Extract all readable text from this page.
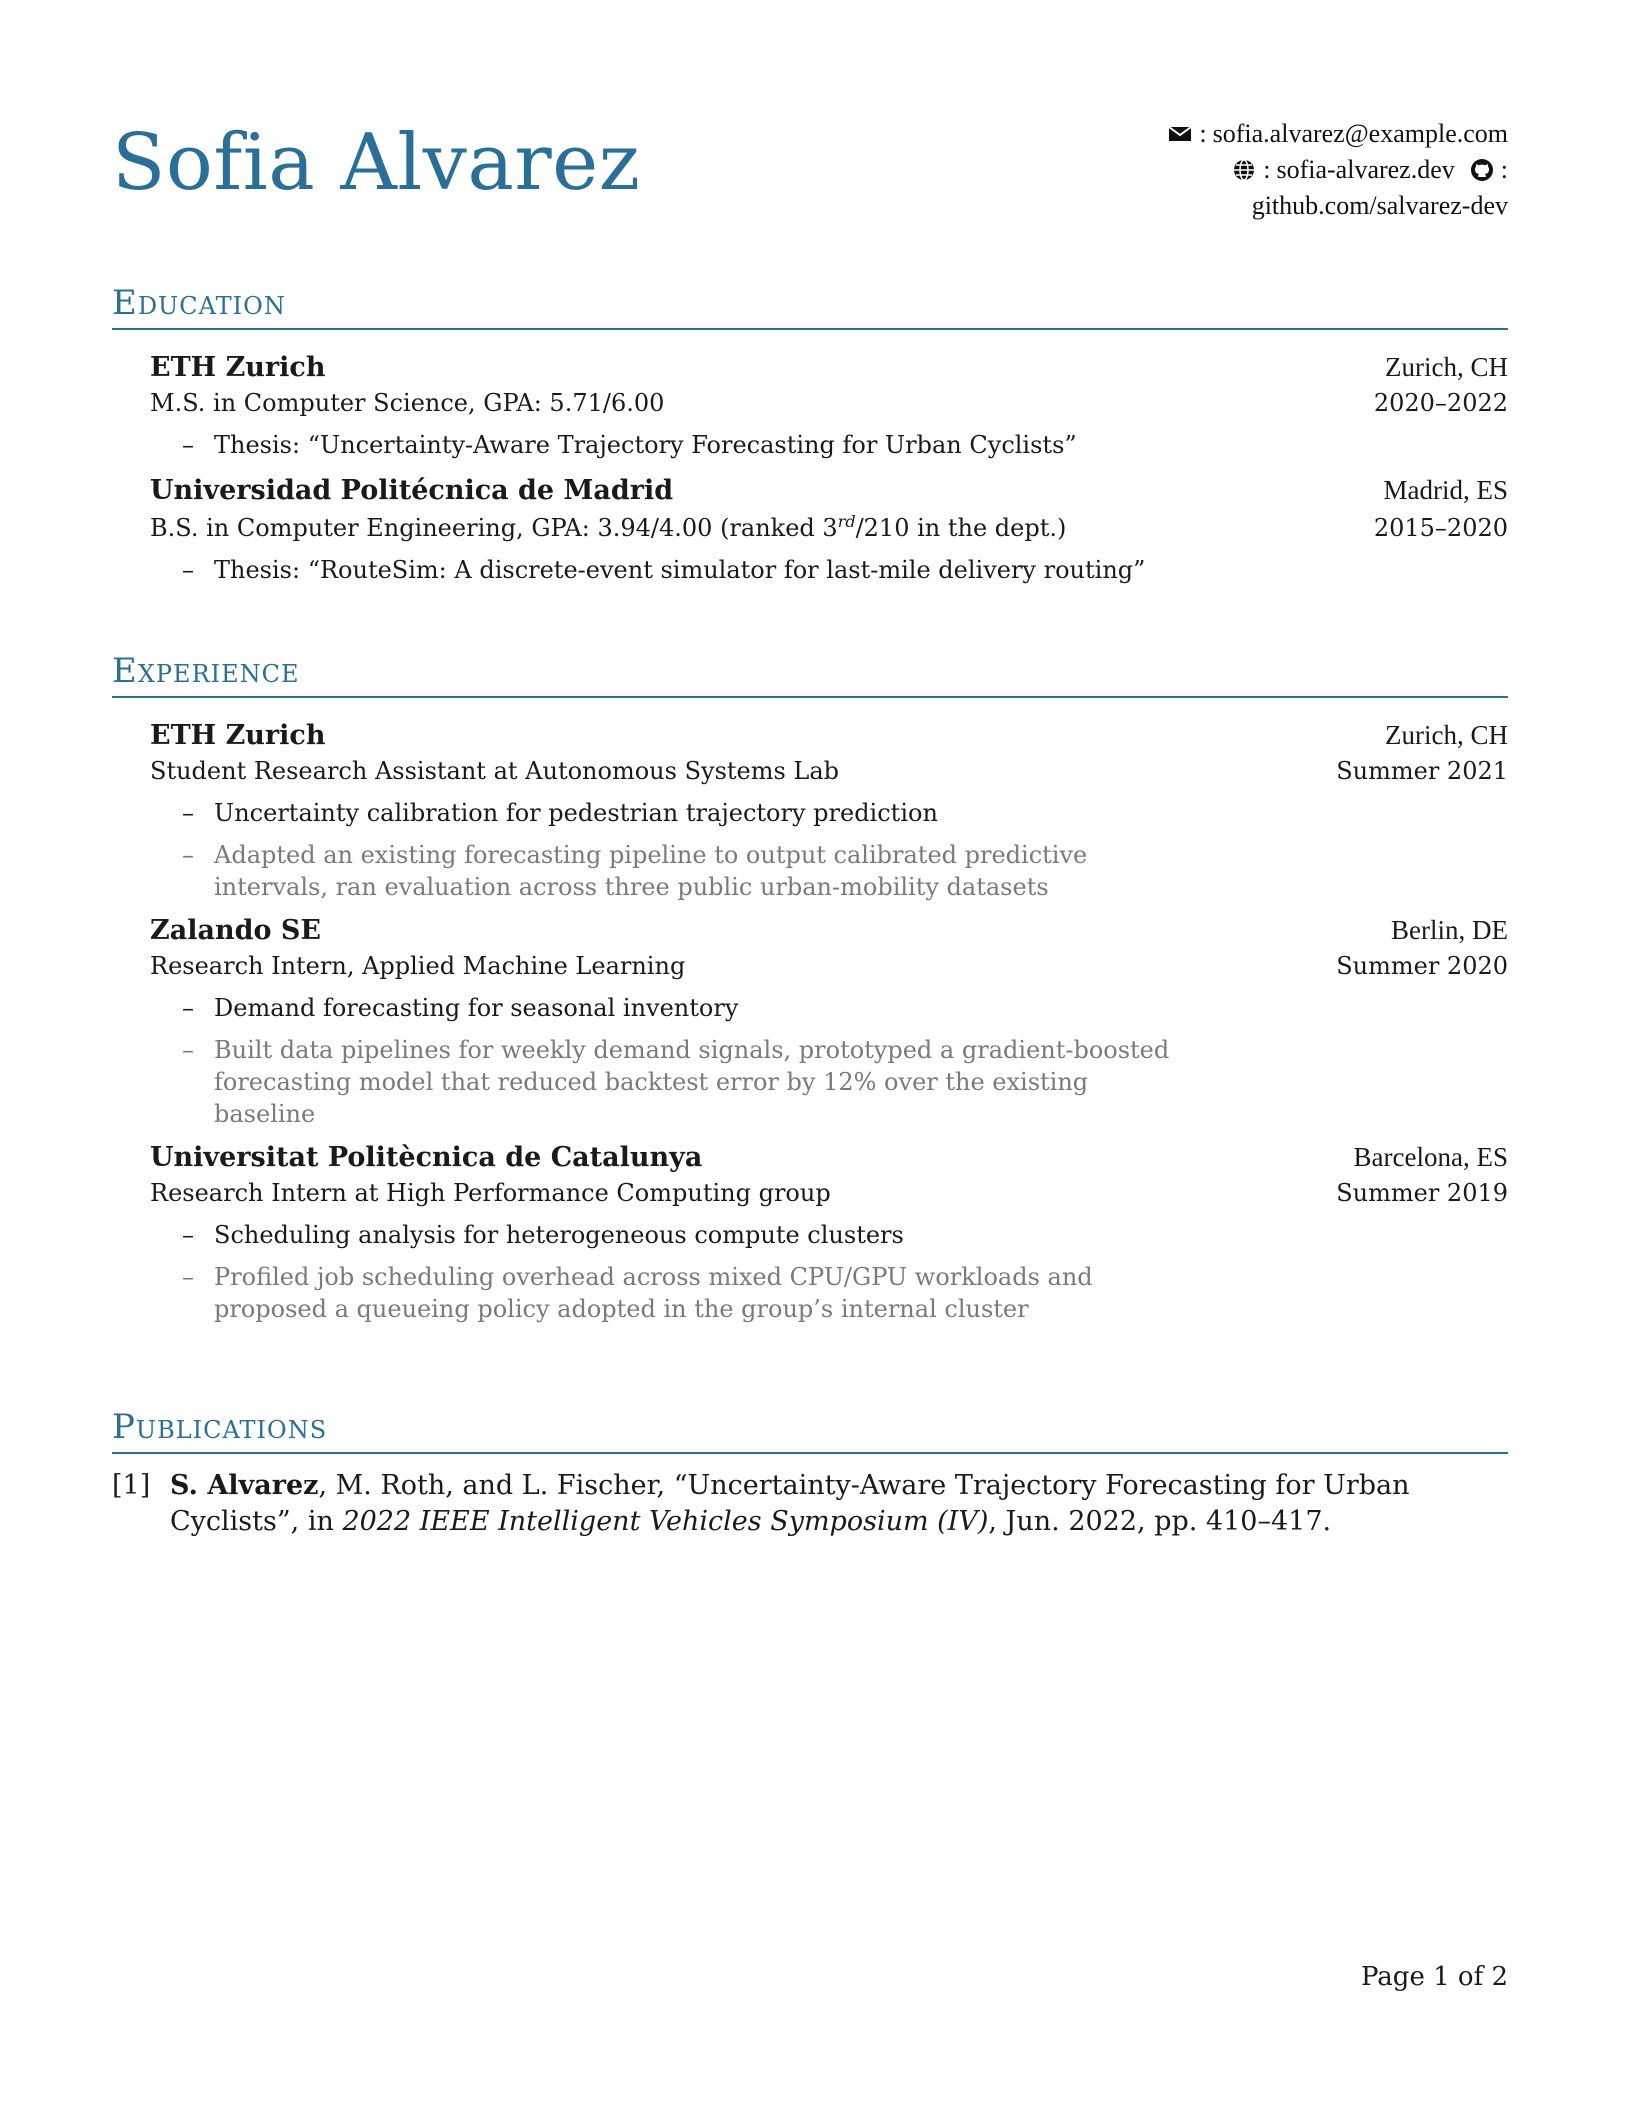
Sofia Alvarez	: sofia.alvarez@example.com
: sofia-alvarez.dev :
github.com/salvarez-dev
Education
ETH Zurich	Zurich, CH
M.S. in Computer Science, GPA: 5.71/6.00	2020–2022
– Thesis: “Uncertainty-Aware Trajectory Forecasting for Urban Cyclists”
Universidad Politécnica de Madrid	Madrid, ES
B.S. in Computer Engineering, GPA: 3.94/4.00 (ranked 3rd/210 in the dept.)	2015–2020
– Thesis: “RouteSim: A discrete-event simulator for last-mile delivery routing”
Experience
ETH Zurich	Zurich, CH
Student Research Assistant at Autonomous Systems Lab	Summer 2021
– Uncertainty calibration for pedestrian trajectory prediction
– Adapted an existing forecasting pipeline to output calibrated predictive intervals, ran evaluation across three public urban-mobility datasets
Zalando SE	Berlin, DE
Research Intern, Applied Machine Learning	Summer 2020
– Demand forecasting for seasonal inventory
– Built data pipelines for weekly demand signals, prototyped a gradient-boosted forecasting model that reduced backtest error by 12% over the existing baseline
Universitat Politècnica de Catalunya	Barcelona, ES
Research Intern at High Performance Computing group	Summer 2019
– Scheduling analysis for heterogeneous compute clusters
– Profiled job scheduling overhead across mixed CPU/GPU workloads and proposed a queueing policy adopted in the group’s internal cluster
Publications
[1] S. Alvarez, M. Roth, and L. Fischer, “Uncertainty-Aware Trajectory Forecasting for Urban Cyclists”, in 2022 IEEE Intelligent Vehicles Symposium (IV), Jun. 2022, pp. 410–417.
Page 1 of 2
